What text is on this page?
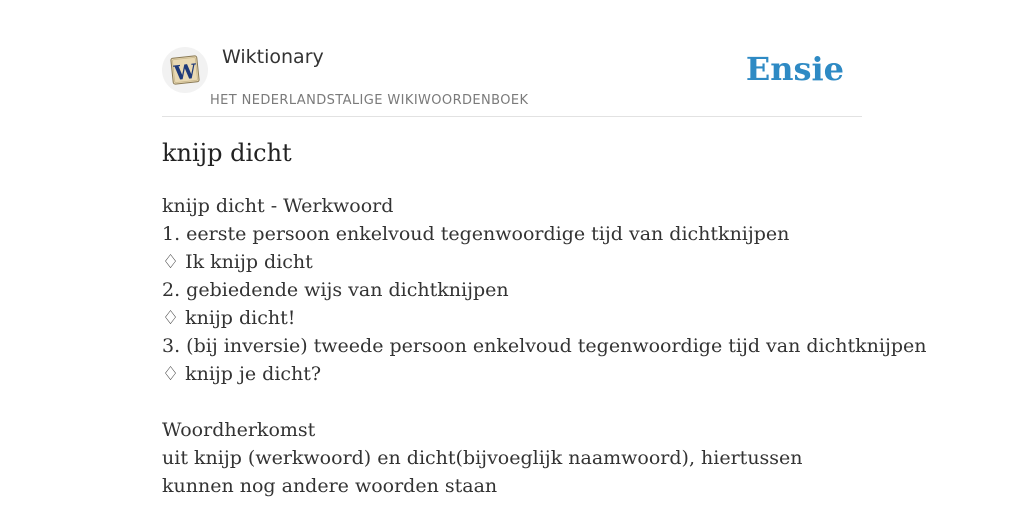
W
Wiktionary
HET NEDERLANDSTALIGE WIKIWOORDENBOEK
Ensie
knijp dicht
knijp dicht - Werkwoord
1. eerste persoon enkelvoud tegenwoordige tijd van dichtknijpen
♢ Ik knijp dicht
2. gebiedende wijs van dichtknijpen
♢ knijp dicht!
3. (bij inversie) tweede persoon enkelvoud tegenwoordige tijd van dichtknijpen
♢ knijp je dicht?
Woordherkomst
uit knijp (werkwoord) en dicht(bijvoeglijk naamwoord), hiertussen kunnen nog andere woorden staan
